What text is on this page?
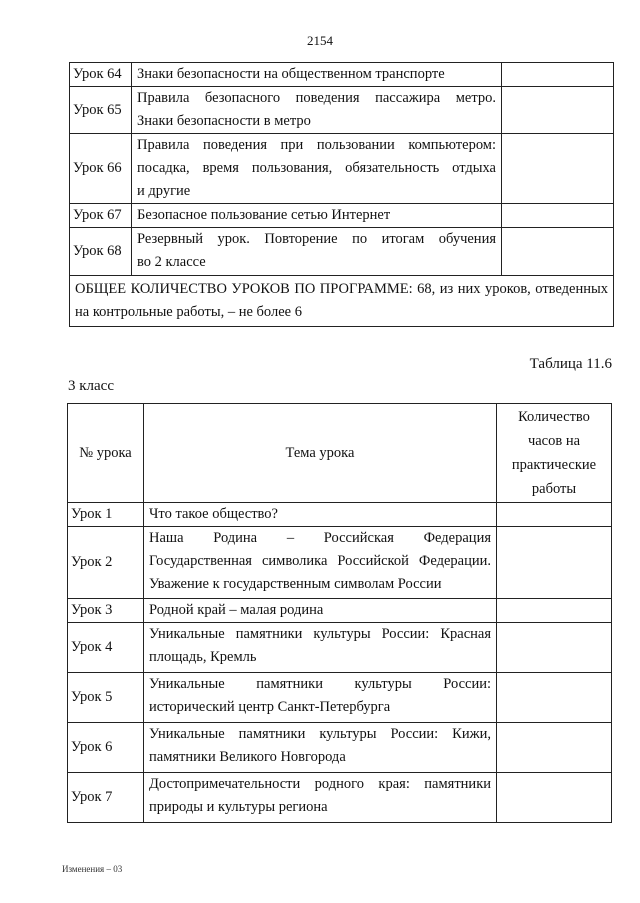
2154
Урок 64	Знаки безопасности на общественном транспорте	

Урок 65	Правила безопасного поведения пассажира метро.
Знаки безопасности в метро	

Урок 66	Правила поведения при пользовании компьютером:
посадка, время пользования, обязательность отдыха
и другие	

Урок 67	Безопасное пользование сетью Интернет	

Урок 68	Резервный урок. Повторение по итогам обучения
во 2 классе	

ОБЩЕЕ КОЛИЧЕСТВО УРОКОВ ПО ПРОГРАММЕ: 68, из них уроков, отведенных на контрольные работы, – не более 6		
Таблица 11.6
3 класс
№ урока	Тема урока	Количество часов на практические работы
Урок 1	Что такое общество?	

Урок 2	Наша Родина – Российская Федерация
Государственная символика Российской Федерации.
Уважение к государственным символам России	

Урок 3	Родной край – малая родина	

Урок 4	Уникальные памятники культуры России: Красная
площадь, Кремль	

Урок 5	Уникальные памятники культуры России:
исторический центр Санкт-Петербурга	

Урок 6	Уникальные памятники культуры России: Кижи,
памятники Великого Новгорода	

Урок 7	Достопримечательности родного края: памятники
природы и культуры региона	

Изменения – 03
